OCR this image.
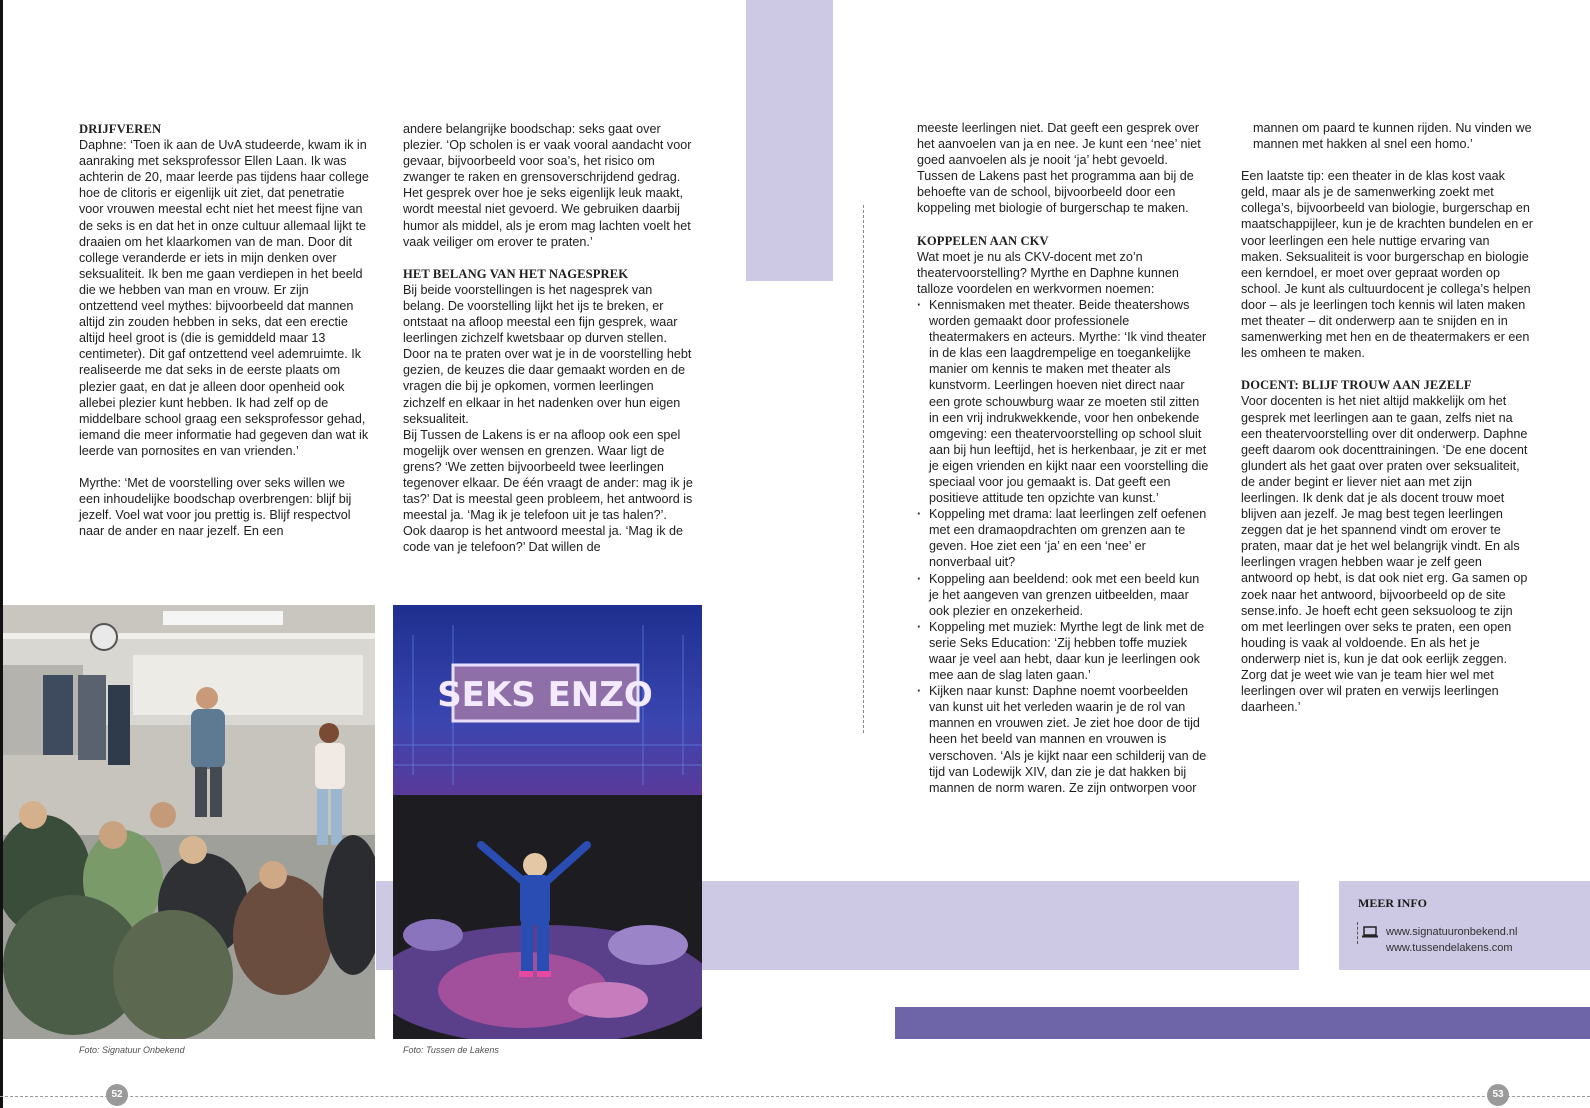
DRIJFVEREN

Daphne: ‘Toen ik aan de UvA studeerde, kwam ik in aanraking met seksprofessor Ellen Laan. Ik was achterin de 20, maar leerde pas tijdens haar college hoe de clitoris er eigenlijk uit ziet, dat penetratie voor vrouwen meestal echt niet het meest fijne van de seks is en dat het in onze cultuur allemaal lijkt te draaien om het klaarkomen van de man. Door dit college veranderde er iets in mijn denken over seksualiteit. Ik ben me gaan verdiepen in het beeld die we hebben van man en vrouw. Er zijn ontzettend veel mythes: bijvoorbeeld dat mannen altijd zin zouden hebben in seks, dat een erectie altijd heel groot is (die is gemiddeld maar 13 centimeter). Dit gaf ontzettend veel ademruimte. Ik realiseerde me dat seks in de eerste plaats om plezier gaat, en dat je alleen door openheid ook allebei plezier kunt hebben. Ik had zelf op de middelbare school graag een seksprofessor gehad, iemand die meer informatie had gegeven dan wat ik leerde van pornosites en van vrienden.’

Myrthe: ‘Met de voorstelling over seks willen we een inhoudelijke boodschap overbrengen: blijf bij jezelf. Voel wat voor jou prettig is. Blijf respectvol naar de ander en naar jezelf. En een

andere belangrijke boodschap: seks gaat over plezier. ‘Op scholen is er vaak vooral aandacht voor gevaar, bijvoorbeeld voor soa’s, het risico om zwanger te raken en grensoverschrijdend gedrag. Het gesprek over hoe je seks eigenlijk leuk maakt, wordt meestal niet gevoerd. We gebruiken daarbij humor als middel, als je erom mag lachten voelt het vaak veiliger om erover te praten.’

HET BELANG VAN HET NAGESPREK

Bij beide voorstellingen is het nagesprek van belang. De voorstelling lijkt het ijs te breken, er ontstaat na afloop meestal een fijn gesprek, waar leerlingen zichzelf kwetsbaar op durven stellen. Door na te praten over wat je in de voorstelling hebt gezien, de keuzes die daar gemaakt worden en de vragen die bij je opkomen, vormen leerlingen zichzelf en elkaar in het nadenken over hun eigen seksualiteit.

Bij Tussen de Lakens is er na afloop ook een spel mogelijk over wensen en grenzen. Waar ligt de grens? ‘We zetten bijvoorbeeld twee leerlingen tegenover elkaar. De één vraagt de ander: mag ik je tas?’ Dat is meestal geen probleem, het antwoord is meestal ja. ‘Mag ik je telefoon uit je tas halen?’. Ook daarop is het antwoord meestal ja. ‘Mag ik de code van je telefoon?’ Dat willen de

meeste leerlingen niet. Dat geeft een gesprek over het aanvoelen van ja en nee. Je kunt een ‘nee’ niet goed aanvoelen als je nooit ‘ja’ hebt gevoeld. Tussen de Lakens past het programma aan bij de behoefte van de school, bijvoorbeeld door een koppeling met biologie of burgerschap te maken.

KOPPELEN AAN CKV

Wat moet je nu als CKV-docent met zo’n theatervoorstelling? Myrthe en Daphne kunnen talloze voordelen en werkvormen noemen:

· Kennismaken met theater. Beide theatershows worden gemaakt door professionele theatermakers en acteurs. Myrthe: ‘Ik vind theater in de klas een laagdrempelige en toegankelijke manier om kennis te maken met theater als kunstvorm. Leerlingen hoeven niet direct naar een grote schouwburg waar ze moeten stil zitten in een vrij indrukwekkende, voor hen onbekende omgeving: een theatervoorstelling op school sluit aan bij hun leeftijd, het is herkenbaar, je zit er met je eigen vrienden en kijkt naar een voorstelling die speciaal voor jou gemaakt is. Dat geeft een positieve attitude ten opzichte van kunst.’
· Koppeling met drama: laat leerlingen zelf oefenen met een dramaopdrachten om grenzen aan te geven. Hoe ziet een ‘ja’ en een ‘nee’ er nonverbaal uit?
· Koppeling aan beeldend: ook met een beeld kun je het aangeven van grenzen uitbeelden, maar ook plezier en onzekerheid.
· Koppeling met muziek: Myrthe legt de link met de serie Seks Education: ‘Zij hebben toffe muziek waar je veel aan hebt, daar kun je leerlingen ook mee aan de slag laten gaan.’
· Kijken naar kunst: Daphne noemt voorbeelden van kunst uit het verleden waarin je de rol van mannen en vrouwen ziet. Je ziet hoe door de tijd heen het beeld van mannen en vrouwen is verschoven. ‘Als je kijkt naar een schilderij van de tijd van Lodewijk XIV, dan zie je dat hakken bij mannen de norm waren. Ze zijn ontworpen voor

mannen om paard te kunnen rijden. Nu vinden we mannen met hakken al snel een homo.’

Een laatste tip: een theater in de klas kost vaak geld, maar als je de samenwerking zoekt met collega’s, bijvoorbeeld van biologie, burgerschap en maatschappijleer, kun je de krachten bundelen en er voor leerlingen een hele nuttige ervaring van maken. Seksualiteit is voor burgerschap en biologie een kerndoel, er moet over gepraat worden op school. Je kunt als cultuurdocent je collega’s helpen door – als je leerlingen toch kennis wil laten maken met theater – dit onderwerp aan te snijden en in samenwerking met hen en de theatermakers er een les omheen te maken.

DOCENT: BLIJF TROUW AAN JEZELF

Voor docenten is het niet altijd makkelijk om het gesprek met leerlingen aan te gaan, zelfs niet na een theatervoorstelling over dit onderwerp. Daphne geeft daarom ook docenttrainingen. ‘De ene docent glundert als het gaat over praten over seksualiteit, de ander begint er liever niet aan met zijn leerlingen. Ik denk dat je als docent trouw moet blijven aan jezelf. Je mag best tegen leerlingen zeggen dat je het spannend vindt om erover te praten, maar dat je het wel belangrijk vindt. En als leerlingen vragen hebben waar je zelf geen antwoord op hebt, is dat ook niet erg. Ga samen op zoek naar het antwoord, bijvoorbeeld op de site sense.info. Je hoeft echt geen seksuoloog te zijn om met leerlingen over seks te praten, een open houding is vaak al voldoende. En als het je onderwerp niet is, kun je dat ook eerlijk zeggen. Zorg dat je weet wie van je team hier wel met leerlingen over wil praten en verwijs leerlingen daarheen.’

Foto: Signatuur Onbekend
SEKS ENZO
Foto: Tussen de Lakens
MEER INFO
www.signatuuronbekend.nl
www.tussendelakens.com
52	53
